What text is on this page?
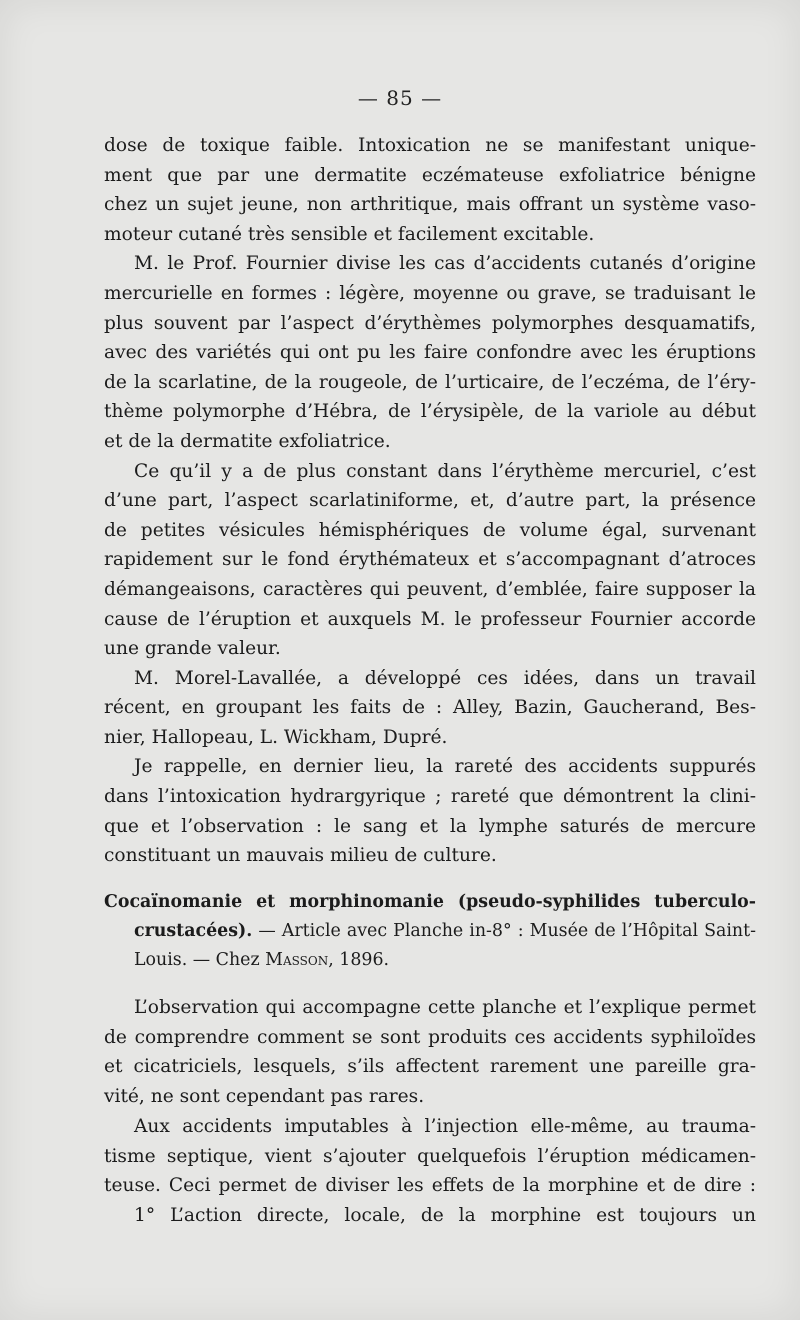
— 85 —
dose de toxique faible. Intoxication ne se manifestant unique-
ment que par une dermatite eczémateuse exfoliatrice bénigne
chez un sujet jeune, non arthritique, mais offrant un système vaso-
moteur cutané très sensible et facilement excitable.
M. le Prof. Fournier divise les cas d’accidents cutanés d’origine
mercurielle en formes : légère, moyenne ou grave, se traduisant le
plus souvent par l’aspect d’érythèmes polymorphes desquamatifs,
avec des variétés qui ont pu les faire confondre avec les éruptions
de la scarlatine, de la rougeole, de l’urticaire, de l’eczéma, de l’éry-
thème polymorphe d’Hébra, de l’érysipèle, de la variole au début
et de la dermatite exfoliatrice.
Ce qu’il y a de plus constant dans l’érythème mercuriel, c’est
d’une part, l’aspect scarlatiniforme, et, d’autre part, la présence
de petites vésicules hémisphériques de volume égal, survenant
rapidement sur le fond érythémateux et s’accompagnant d’atroces
démangeaisons, caractères qui peuvent, d’emblée, faire supposer la
cause de l’éruption et auxquels M. le professeur Fournier accorde
une grande valeur.
M. Morel-Lavallée, a développé ces idées, dans un travail
récent, en groupant les faits de : Alley, Bazin, Gaucherand, Bes-
nier, Hallopeau, L. Wickham, Dupré.
Je rappelle, en dernier lieu, la rareté des accidents suppurés
dans l’intoxication hydrargyrique ; rareté que démontrent la clini-
que et l’observation : le sang et la lymphe saturés de mercure
constituant un mauvais milieu de culture.
Cocaïnomanie et morphinomanie (pseudo-syphilides tuberculo-
crustacées). — Article avec Planche in-8° : Musée de l’Hôpital Saint-
Louis. — Chez Masson, 1896.
L’observation qui accompagne cette planche et l’explique permet
de comprendre comment se sont produits ces accidents syphiloïdes
et cicatriciels, lesquels, s’ils affectent rarement une pareille gra-
vité, ne sont cependant pas rares.
Aux accidents imputables à l’injection elle-même, au trauma-
tisme septique, vient s’ajouter quelquefois l’éruption médicamen-
teuse. Ceci permet de diviser les effets de la morphine et de dire :
1° L’action directe, locale, de la morphine est toujours un
